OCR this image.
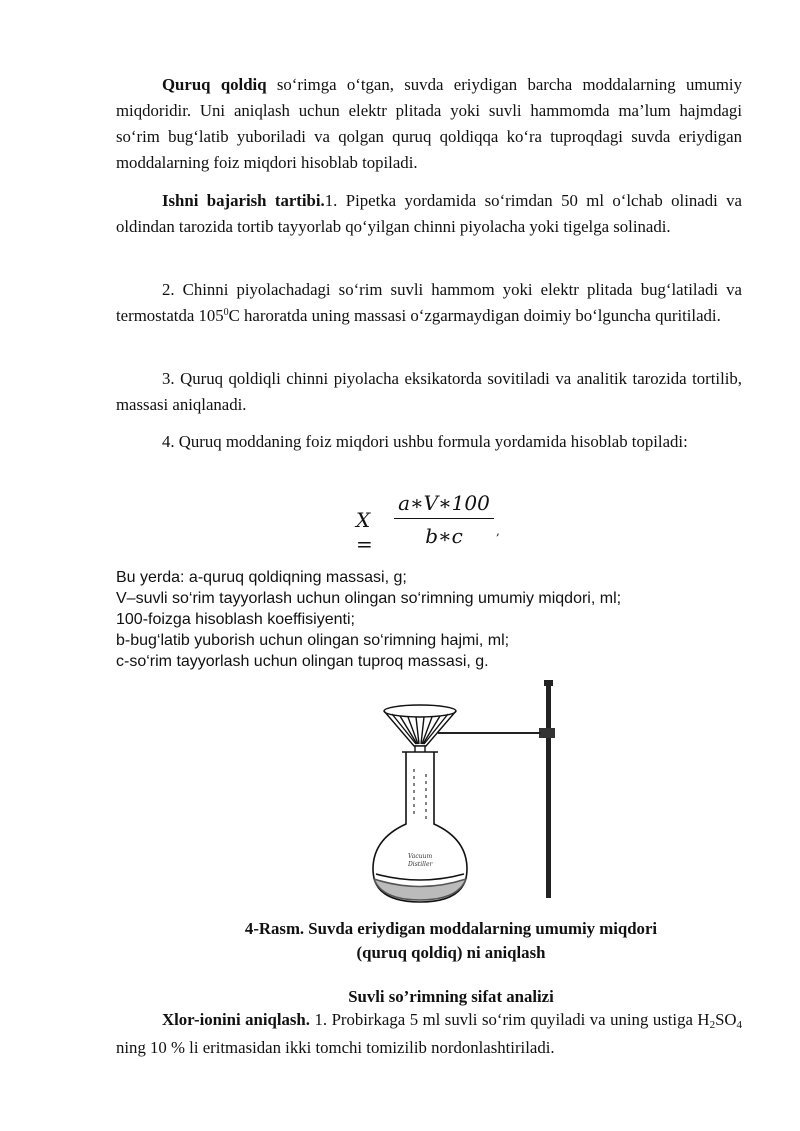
Quruq qoldiq so‘rimga o‘tgan, suvda eriydigan barcha moddalarning umumiy miqdoridir. Uni aniqlash uchun elektr plitada yoki suvli hammomda ma’lum hajmdagi so‘rim bug‘latib yuboriladi va qolgan quruq qoldiqqa ko‘ra tuproqdagi suvda eriydigan moddalarning foiz miqdori hisoblab topiladi.

Ishni bajarish tartibi.1. Pipetka yordamida so‘rimdan 50 ml o‘lchab olinadi va oldindan tarozida tortib tayyorlab qo‘yilgan chinni piyolacha yoki tigelga solinadi.

2. Chinni piyolachadagi so‘rim suvli hammom yoki elektr plitada bug‘latiladi va termostatda $105^0C$ haroratda uning massasi o‘zgarmaydigan doimiy bo‘lguncha quritiladi.

3. Quruq qoldiqli chinni piyolacha eksikatorda sovitiladi va analitik tarozida tortilib, massasi aniqlanadi.

4. Quruq moddaning foiz miqdori ushbu formula yordamida hisoblab topiladi:

X =
a∗V∗100
b∗c	,

Bu yerda: a-quruq qoldiqning massasi, g;

V–suvli so‘rim tayyorlash uchun olingan so‘rimning umumiy miqdori, ml;

100-foizga hisoblash koeffisiyenti;

b-bug‘latib yuborish uchun olingan so‘rimning hajmi, ml;

c-so‘rim tayyorlash uchun olingan tuproq massasi, g.

Vacuum
Distiller

4-Rasm. Suvda eriydigan moddalarning umumiy miqdori

(quruq qoldiq) ni aniqlash

Suvli so’rimning sifat analizi

Xlor-ionini aniqlash. 1. Probirkaga 5 ml suvli so‘rim quyiladi va uning ustiga $H_2SO_4$ ning 10 % li eritmasidan ikki tomchi tomizilib nordonlashtiriladi.
